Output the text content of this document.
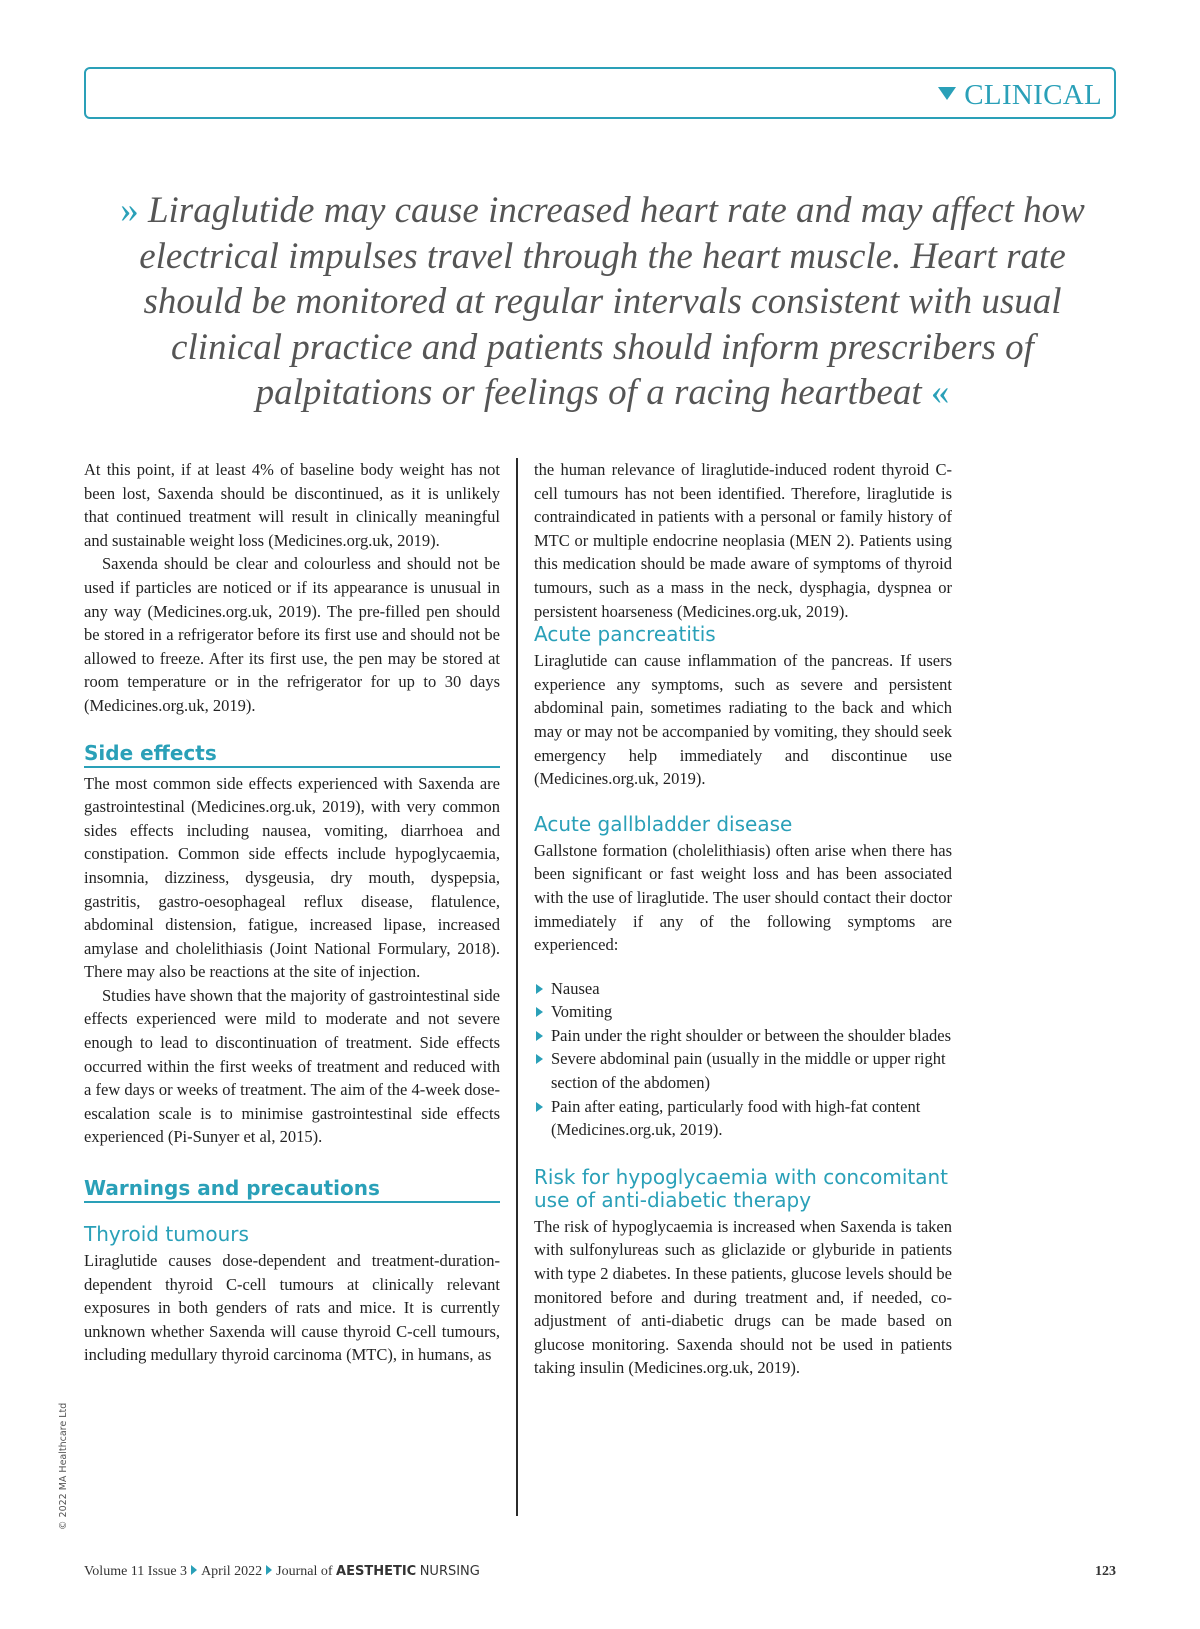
CLINICAL
» Liraglutide may cause increased heart rate and may affect how electrical impulses travel through the heart muscle. Heart rate should be monitored at regular intervals consistent with usual clinical practice and patients should inform prescribers of palpitations or feelings of a racing heartbeat «

At this point, if at least 4% of baseline body weight has not been lost, Saxenda should be discontinued, as it is unlikely that continued treatment will result in clinically meaningful and sustainable weight loss (Medicines.org.uk, 2019).

Saxenda should be clear and colourless and should not be used if particles are noticed or if its appearance is unusual in any way (Medicines.org.uk, 2019). The pre-filled pen should be stored in a refrigerator before its first use and should not be allowed to freeze. After its first use, the pen may be stored at room temperature or in the refrigerator for up to 30 days (Medicines.org.uk, 2019).

Side effects

The most common side effects experienced with Saxenda are gastrointestinal (Medicines.org.uk, 2019), with very common sides effects including nausea, vomiting, diarrhoea and constipation. Common side effects include hypoglycaemia, insomnia, dizziness, dysgeusia, dry mouth, dyspepsia, gastritis, gastro-oesophageal reflux disease, flatulence, abdominal distension, fatigue, increased lipase, increased amylase and cholelithiasis (Joint National Formulary, 2018). There may also be reactions at the site of injection.

Studies have shown that the majority of gastrointestinal side effects experienced were mild to moderate and not severe enough to lead to discontinuation of treatment. Side effects occurred within the first weeks of treatment and reduced with a few days or weeks of treatment. The aim of the 4-week dose-escalation scale is to minimise gastrointestinal side effects experienced (Pi-Sunyer et al, 2015).

Warnings and precautions
Thyroid tumours

Liraglutide causes dose-dependent and treatment-duration-dependent thyroid C-cell tumours at clinically relevant exposures in both genders of rats and mice. It is currently unknown whether Saxenda will cause thyroid C-cell tumours, including medullary thyroid carcinoma (MTC), in humans, as

the human relevance of liraglutide-induced rodent thyroid C-cell tumours has not been identified. Therefore, liraglutide is contraindicated in patients with a personal or family history of MTC or multiple endocrine neoplasia (MEN 2). Patients using this medication should be made aware of symptoms of thyroid tumours, such as a mass in the neck, dysphagia, dyspnea or persistent hoarseness (Medicines.org.uk, 2019).

Acute pancreatitis

Liraglutide can cause inflammation of the pancreas. If users experience any symptoms, such as severe and persistent abdominal pain, sometimes radiating to the back and which may or may not be accompanied by vomiting, they should seek emergency help immediately and discontinue use (Medicines.org.uk, 2019).

Acute gallbladder disease

Gallstone formation (cholelithiasis) often arise when there has been significant or fast weight loss and has been associated with the use of liraglutide. The user should contact their doctor immediately if any of the following symptoms are experienced:

Nausea
Vomiting
Pain under the right shoulder or between the shoulder blades
Severe abdominal pain (usually in the middle or upper right section of the abdomen)
Pain after eating, particularly food with high-fat content (Medicines.org.uk, 2019).
Risk for hypoglycaemia with concomitant use of anti-diabetic therapy

The risk of hypoglycaemia is increased when Saxenda is taken with sulfonylureas such as gliclazide or glyburide in patients with type 2 diabetes. In these patients, glucose levels should be monitored before and during treatment and, if needed, co-adjustment of anti-diabetic drugs can be made based on glucose monitoring. Saxenda should not be used in patients taking insulin (Medicines.org.uk, 2019).

© 2022 MA Healthcare Ltd
Volume 11 Issue 3 April 2022 Journal of AESTHETIC NURSING	123
